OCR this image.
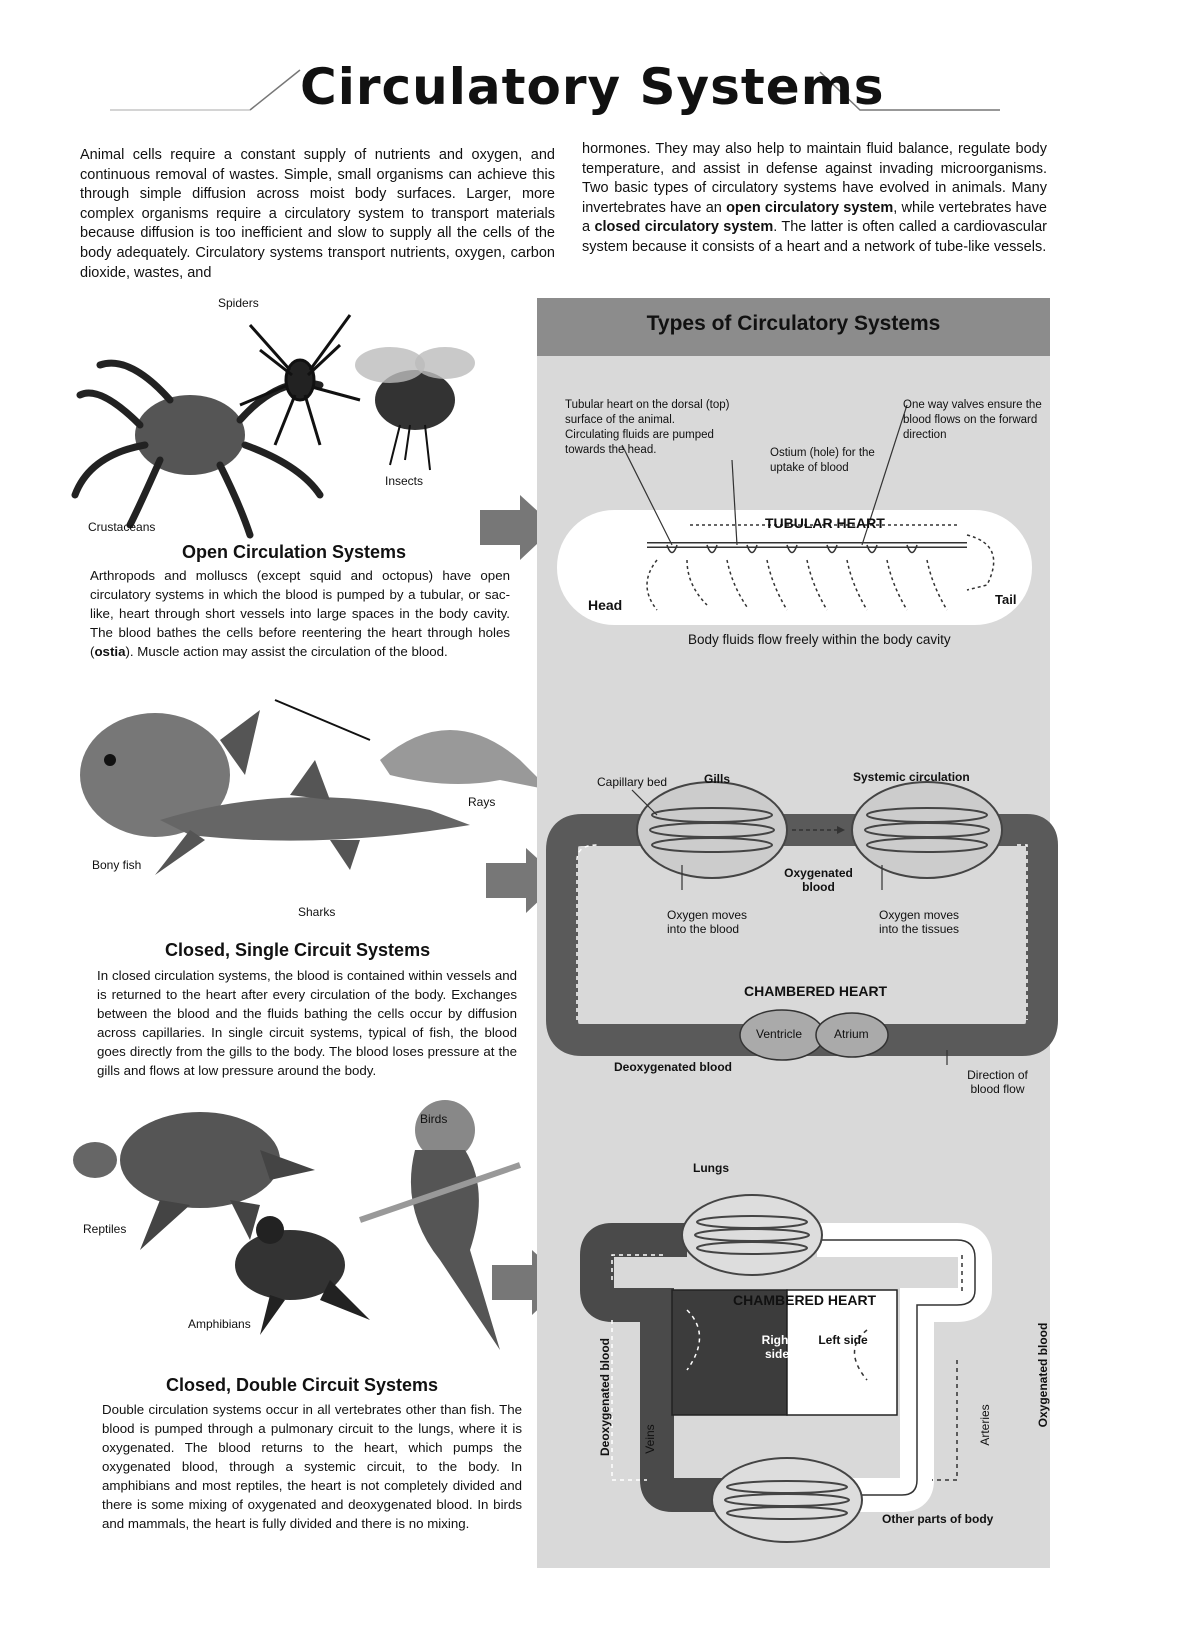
Circulatory Systems
Animal cells require a constant supply of nutrients and oxygen, and continuous removal of wastes. Simple, small organisms can achieve this through simple diffusion across moist body surfaces. Larger, more complex organisms require a circulatory system to transport materials because diffusion is too inefficient and slow to supply all the cells of the body adequately. Circulatory systems transport nutrients, oxygen, carbon dioxide, wastes, and
hormones. They may also help to maintain fluid balance, regulate body temperature, and assist in defense against invading microorganisms. Two basic types of circulatory systems have evolved in animals. Many invertebrates have an open circulatory system, while vertebrates have a closed circulatory system. The latter is often called a cardiovascular system because it consists of a heart and a network of tube-like vessels.
Spiders
Insects
Crustaceans
Open Circulation Systems
Arthropods and molluscs (except squid and octopus) have open circulatory systems in which the blood is pumped by a tubular, or sac-like, heart through short vessels into large spaces in the body cavity. The blood bathes the cells before reentering the heart through holes (ostia). Muscle action may assist the circulation of the blood.
Rays
Bony fish
Sharks
Closed, Single Circuit Systems
In closed circulation systems, the blood is contained within vessels and is returned to the heart after every circulation of the body. Exchanges between the blood and the fluids bathing the cells occur by diffusion across capillaries. In single circuit systems, typical of fish, the blood goes directly from the gills to the body. The blood loses pressure at the gills and flows at low pressure around the body.
Birds
Reptiles
Amphibians
Closed, Double Circuit Systems
Double circulation systems occur in all vertebrates other than fish. The blood is pumped through a pulmonary circuit to the lungs, where it is oxygenated. The blood returns to the heart, which pumps the oxygenated blood, through a systemic circuit, to the body. In amphibians and most reptiles, the heart is not completely divided and there is some mixing of oxygenated and deoxygenated blood. In birds and mammals, the heart is fully divided and there is no mixing.
Types of Circulatory Systems
Tubular heart on the dorsal (top) surface of the animal. Circulating fluids are pumped towards the head.	Ostium (hole) for the uptake of blood
One way valves ensure the blood flows on the forward direction
TUBULAR HEART
Head	Tail
Body fluids flow freely within the body cavity
Capillary bed	Gills	Systemic circulation
Oxygenated blood
Oxygen moves into the blood
Oxygen moves into the tissues
CHAMBERED HEART
Ventricle	Atrium
Deoxygenated blood
Direction of blood flow
Lungs
CHAMBERED HEART
Right side
Left side
Deoxygenated blood	Oxygenated blood
Veins	Arteries
Other parts of body
